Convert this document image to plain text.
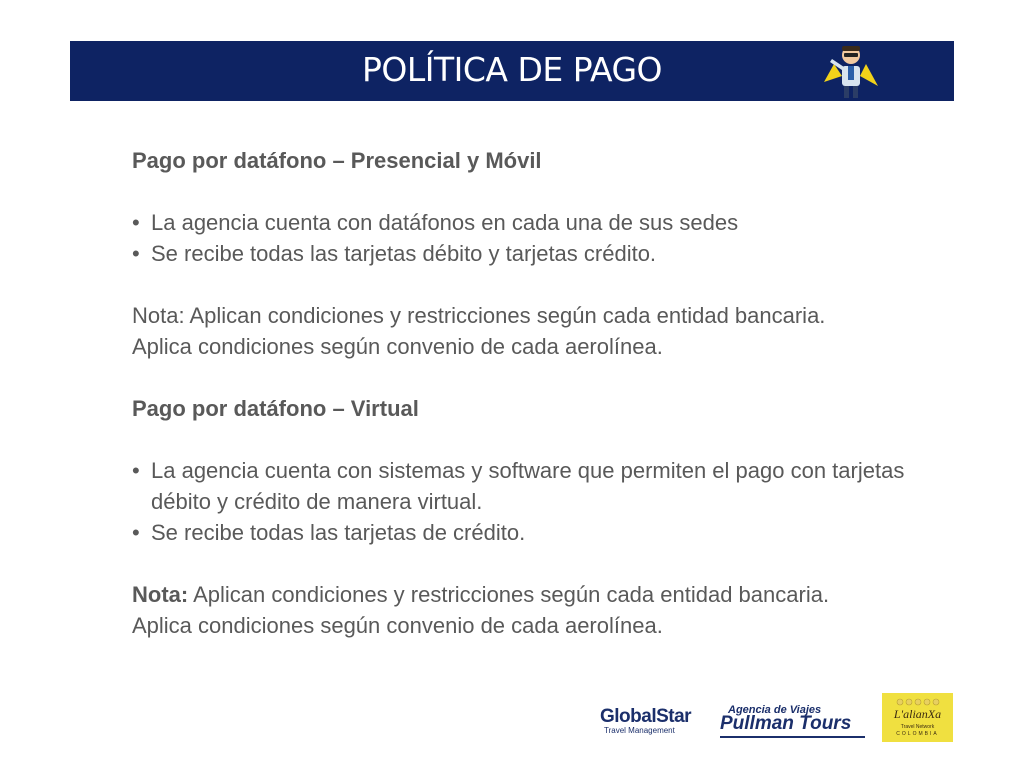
POLÍTICA DE PAGO
Pago por datáfono – Presencial y Móvil
• La agencia cuenta con datáfonos en cada una de sus sedes
• Se recibe todas las tarjetas débito y tarjetas crédito.
Nota: Aplican condiciones y restricciones según cada entidad bancaria.
Aplica condiciones según convenio de cada aerolínea.
Pago por datáfono – Virtual
• La agencia cuenta con sistemas y software que permiten el pago con tarjetas débito y crédito de manera virtual.
• Se recibe todas las tarjetas de crédito.
Nota: Aplican condiciones y restricciones según cada entidad bancaria.
Aplica condiciones según convenio de cada aerolínea.
GlobalStar
Travel Management
Agencia de Viajes
Pullman Tours	L'alianXa
Travel Network
COLOMBIA
